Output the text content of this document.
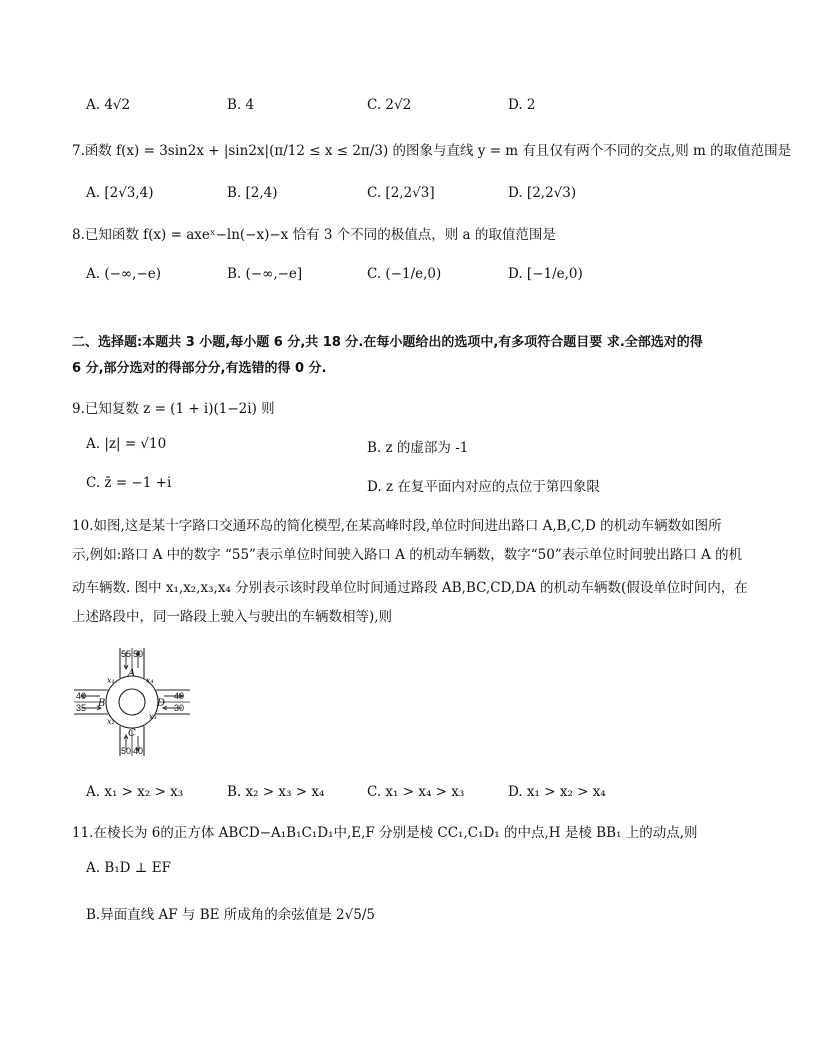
A. 4√2	B. 4	C. 2√2	D. 2
7.函数 f(x) = 3sin2x + |sin2x|(π/12 ≤ x ≤ 2π/3) 的图象与直线 y = m 有且仅有两个不同的交点,则 m 的取值范围是
A. [2√3,4)	B. [2,4)	C. [2,2√3]	D. [2,2√3)
8.已知函数 f(x) = axeˣ−ln(−x)−x 恰有 3 个不同的极值点，则 a 的取值范围是
A. (−∞,−e)	B. (−∞,−e]	C. (−1/e,0)	D. [−1/e,0)
二、选择题:本题共 3 小题,每小题 6 分,共 18 分.在每小题给出的选项中,有多项符合题目要 求.全部选对的得
6 分,部分选对的得部分分,有选错的得 0 分.
9.已知复数 z = (1 + i)(1−2i) 则
A. |z| = √10	B. z 的虚部为 -1
C. z̄ = −1 +i	D. z 在复平面内对应的点位于第四象限
10.如图,这是某十字路口交通环岛的简化模型,在某高峰时段,单位时间进出路口 A,B,C,D 的机动车辆数如图所
示,例如:路口 A 中的数字 “55”表示单位时间驶入路口 A 的机动车辆数，数字“50”表示单位时间驶出路口 A 的机
动车辆数. 图中 x₁,x₂,x₃,x₄ 分别表示该时段单位时间通过路段 AB,BC,CD,DA 的机动车辆数(假设单位时间内，在
上述路段中，同一路段上驶入与驶出的车辆数相等),则
55 50
40
35
40
30
50 40
A
B
C
D
x₁
x₂
x₃
x₄
A. x₁ > x₂ > x₃	B. x₂ > x₃ > x₄	C. x₁ > x₄ > x₃	D. x₁ > x₂ > x₄
11.在棱长为 6的正方体 ABCD−A₁B₁C₁D₁中,E,F 分别是棱 CC₁,C₁D₁ 的中点,H 是棱 BB₁ 上的动点,则
A. B₁D ⊥ EF
B.异面直线 AF 与 BE 所成角的余弦值是 2√5/5
